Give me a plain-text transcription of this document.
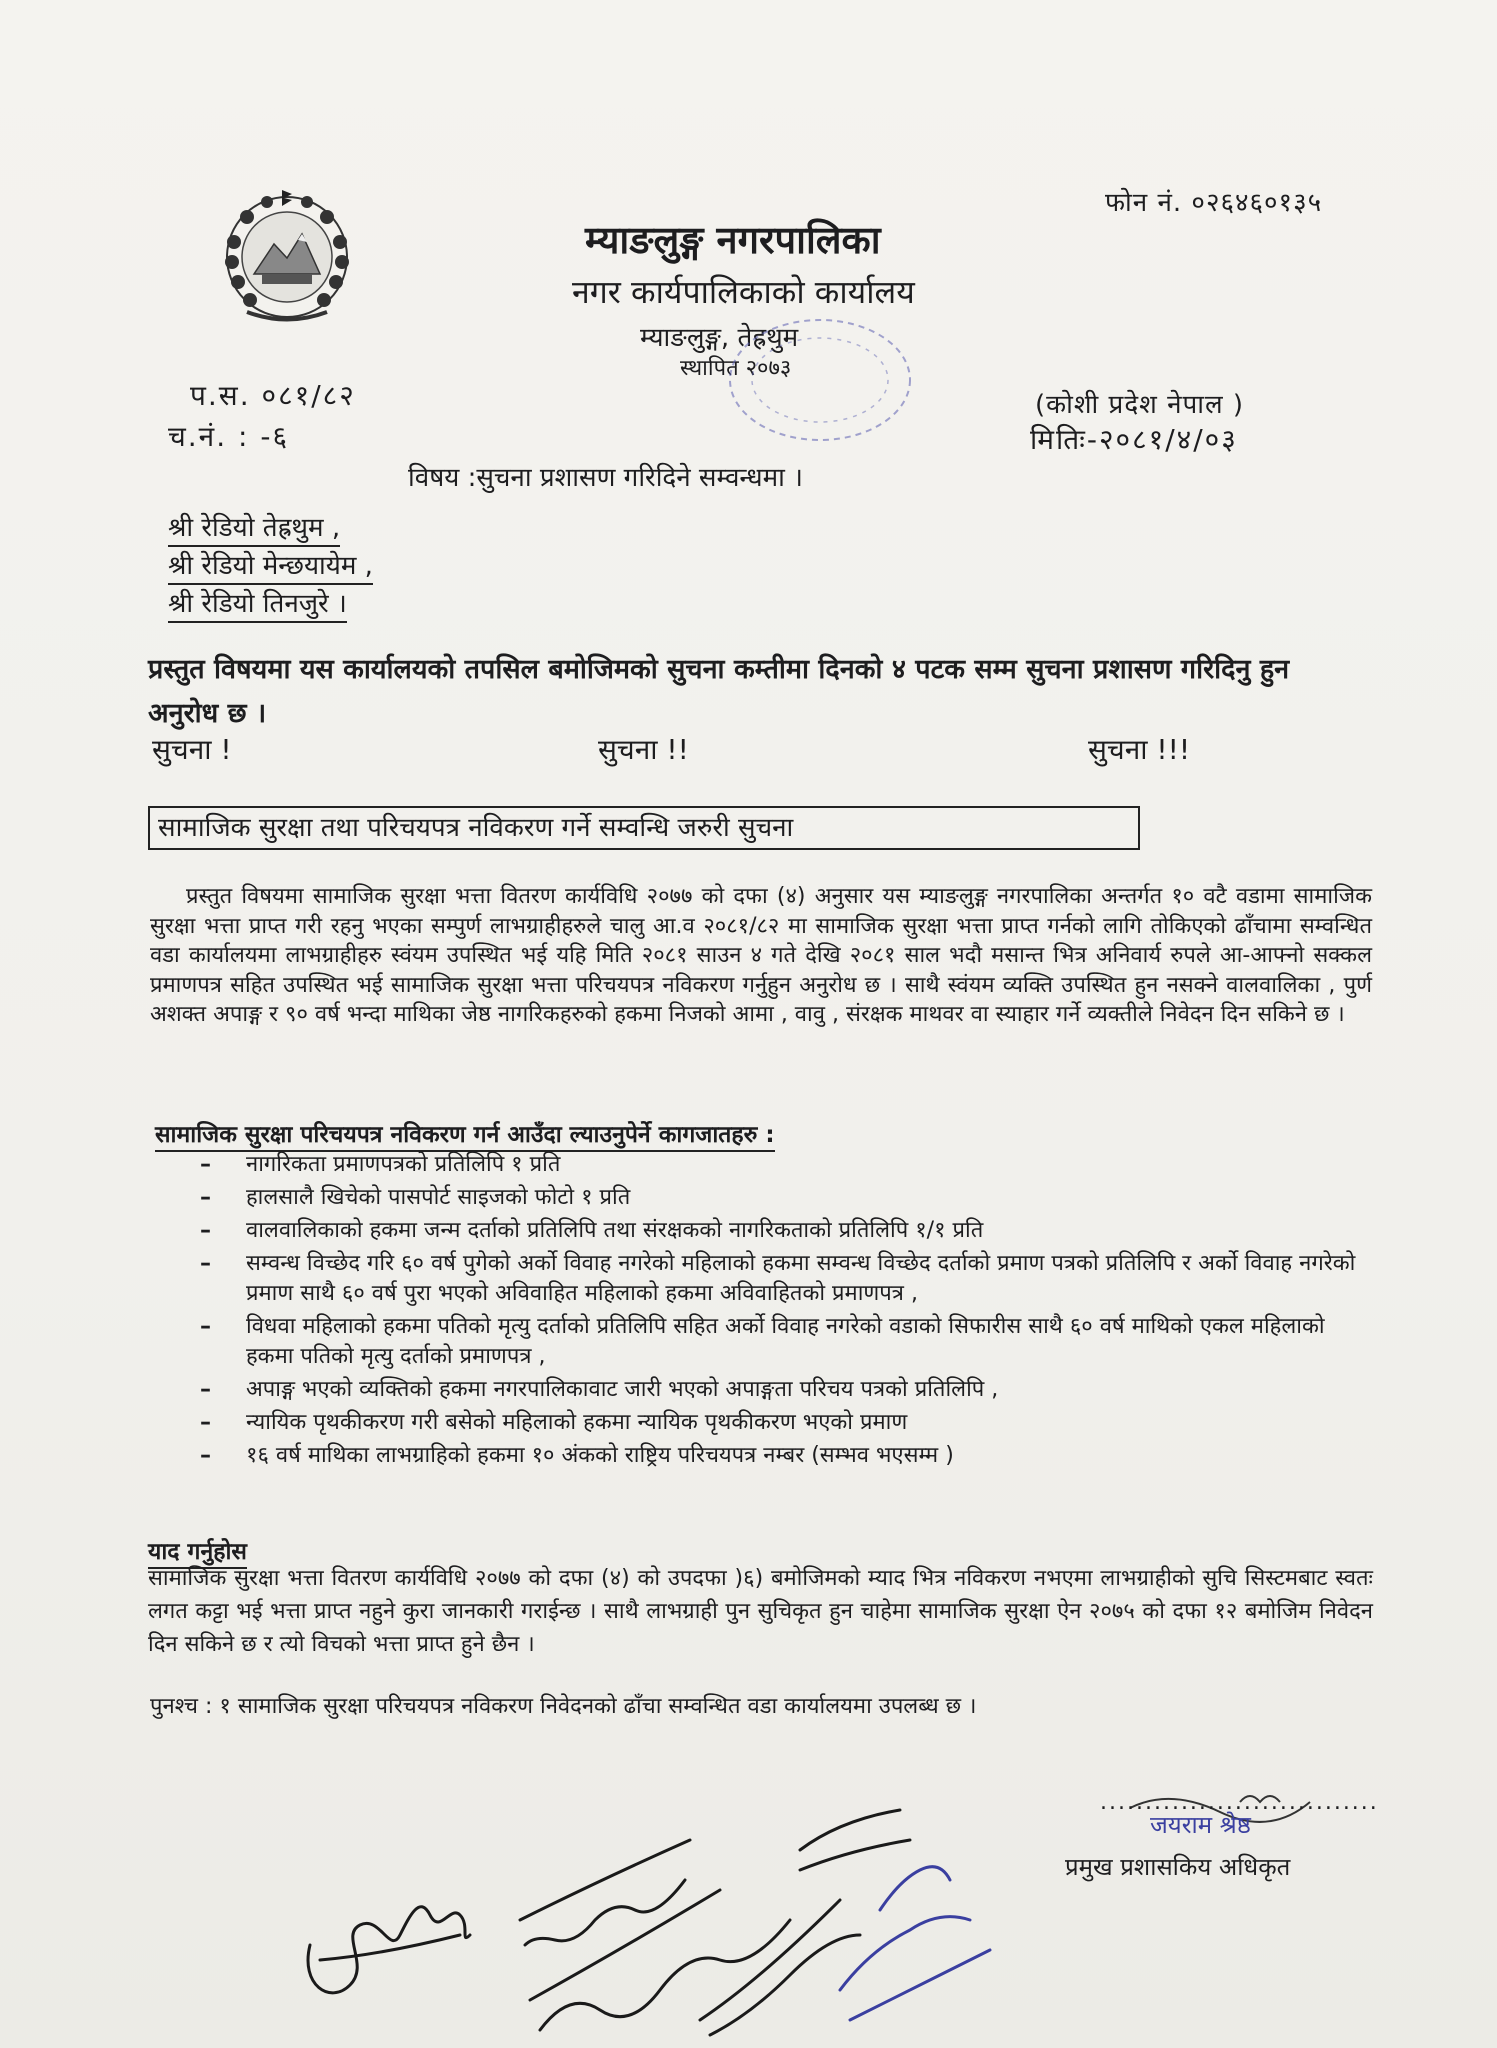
फोन नं. ०२६४६०१३५
म्याङलुङ्ग नगरपालिका
नगर कार्यपालिकाको कार्यालय
म्याङलुङ्ग, तेह्रथुम
स्थापित २०७३
प.स. ०८१/८२
च.नं. : -६
(कोशी प्रदेश नेपाल )
मितिः-२०८१/४/०३
विषय :सुचना प्रशासण गरिदिने सम्वन्धमा ।
श्री रेडियो तेह्रथुम ,
श्री रेडियो मेन्छयायेम ,
श्री रेडियो तिनजुरे ।
प्रस्तुत विषयमा यस कार्यालयको तपसिल बमोजिमको सुचना कम्तीमा दिनको ४ पटक सम्म सुचना प्रशासण गरिदिनु हुन अनुरोध छ ।
सुचना !	सुचना !!	सुचना !!!
सामाजिक सुरक्षा तथा परिचयपत्र नविकरण गर्ने सम्वन्धि जरुरी सुचना
प्रस्तुत विषयमा सामाजिक सुरक्षा भत्ता वितरण कार्यविधि २०७७ को दफा (४) अनुसार यस म्याङलुङ्ग नगरपालिका अन्तर्गत १० वटै वडामा सामाजिक सुरक्षा भत्ता प्राप्त गरी रहनु भएका सम्पुर्ण लाभग्राहीहरुले चालु आ.व २०८१/८२ मा सामाजिक सुरक्षा भत्ता प्राप्त गर्नको लागि तोकिएको ढाँचामा सम्वन्धित वडा कार्यालयमा लाभग्राहीहरु स्वंयम उपस्थित भई यहि मिति २०८१ साउन ४ गते देखि २०८१ साल भदौ मसान्त भित्र अनिवार्य रुपले आ-आफ्नो सक्कल प्रमाणपत्र सहित उपस्थित भई सामाजिक सुरक्षा भत्ता परिचयपत्र नविकरण गर्नुहुन अनुरोध छ । साथै स्वंयम व्यक्ति उपस्थित हुन नसक्ने वालवालिका , पुर्ण अशक्त अपाङ्ग र ९० वर्ष भन्दा माथिका जेष्ठ नागरिकहरुको हकमा निजको आमा , वावु , संरक्षक माथवर वा स्याहार गर्ने व्यक्तीले निवेदन दिन सकिने छ ।
सामाजिक सुरक्षा परिचयपत्र नविकरण गर्न आउँदा ल्याउनुपेर्ने कागजातहरु :
– नागरिकता प्रमाणपत्रको प्रतिलिपि १ प्रति
– हालसालै खिचेको पासपोर्ट साइजको फोटो १ प्रति
– वालवालिकाको हकमा जन्म दर्ताको प्रतिलिपि तथा संरक्षकको नागरिकताको प्रतिलिपि १/१ प्रति
– सम्वन्ध विच्छेद गरि ६० वर्ष पुगेको अर्को विवाह नगरेको महिलाको हकमा सम्वन्ध विच्छेद दर्ताको प्रमाण पत्रको प्रतिलिपि र अर्को विवाह नगरेको प्रमाण साथै ६० वर्ष पुरा भएको अविवाहित महिलाको हकमा अविवाहितको प्रमाणपत्र ,
– विधवा महिलाको हकमा पतिको मृत्यु दर्ताको प्रतिलिपि सहित अर्को विवाह नगरेको वडाको सिफारीस साथै ६० वर्ष माथिको एकल महिलाको हकमा पतिको मृत्यु दर्ताको प्रमाणपत्र ,
– अपाङ्ग भएको व्यक्तिको हकमा नगरपालिकावाट जारी भएको अपाङ्गता परिचय पत्रको प्रतिलिपि ,
– न्यायिक पृथकीकरण गरी बसेको महिलाको हकमा न्यायिक पृथकीकरण भएको प्रमाण
– १६ वर्ष माथिका लाभग्राहिको हकमा १० अंकको राष्ट्रिय परिचयपत्र नम्बर (सम्भव भएसम्म )
याद गर्नुहोस
सामाजिक सुरक्षा भत्ता वितरण कार्यविधि २०७७ को दफा (४) को उपदफा )६) बमोजिमको म्याद भित्र नविकरण नभएमा लाभग्राहीको सुचि सिस्टमबाट स्वतः लगत कट्टा भई भत्ता प्राप्त नहुने कुरा जानकारी गराईन्छ । साथै लाभग्राही पुन सुचिकृत हुन चाहेमा सामाजिक सुरक्षा ऐन २०७५ को दफा १२ बमोजिम निवेदन दिन सकिने छ र त्यो विचको भत्ता प्राप्त हुने छैन ।
पुनश्च : १ सामाजिक सुरक्षा परिचयपत्र नविकरण निवेदनको ढाँचा सम्वन्धित वडा कार्यालयमा उपलब्ध छ ।
...............................
जयराम श्रेष्ठ
प्रमुख प्रशासकिय अधिकृत
